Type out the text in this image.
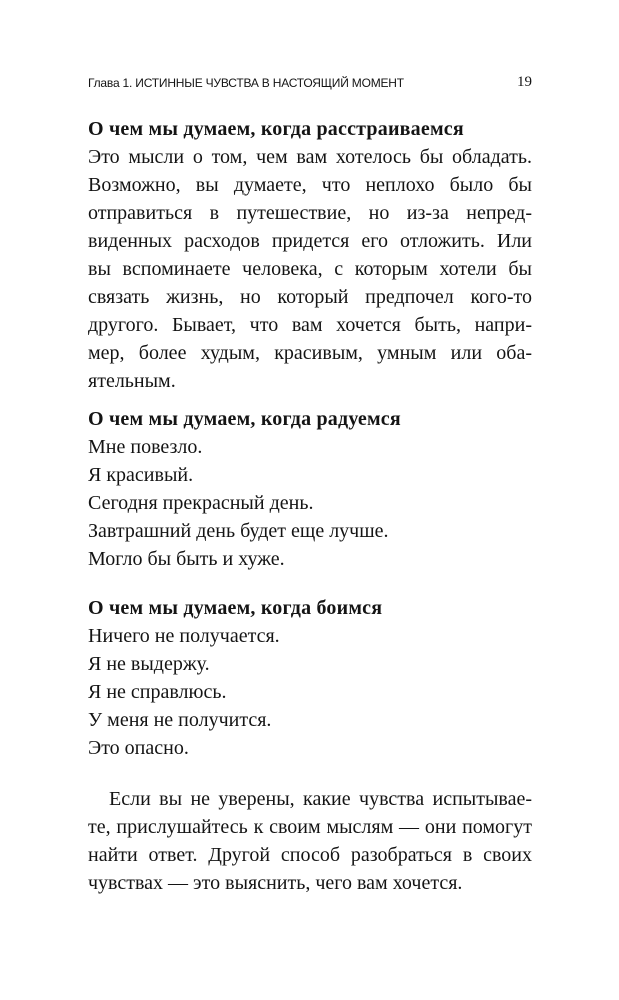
Глава 1. ИСТИННЫЕ ЧУВСТВА В НАСТОЯЩИЙ МОМЕНТ	19
О чем мы думаем, когда расстраиваемся
Это мысли о том, чем вам хотелось бы обладать.
Возможно, вы думаете, что неплохо было бы
отправиться в путешествие, но из-за непред-
виденных расходов придется его отложить. Или
вы вспоминаете человека, с которым хотели бы
связать жизнь, но который предпочел кого-то
другого. Бывает, что вам хочется быть, напри-
мер, более худым, красивым, умным или оба-
ятельным.
О чем мы думаем, когда радуемся
Мне повезло.
Я красивый.
Сегодня прекрасный день.
Завтрашний день будет еще лучше.
Могло бы быть и хуже.
О чем мы думаем, когда боимся
Ничего не получается.
Я не выдержу.
Я не справлюсь.
У меня не получится.
Это опасно.
Если вы не уверены, какие чувства испытывае-
те, прислушайтесь к своим мыслям — они помогут
найти ответ. Другой способ разобраться в своих
чувствах — это выяснить, чего вам хочется.
